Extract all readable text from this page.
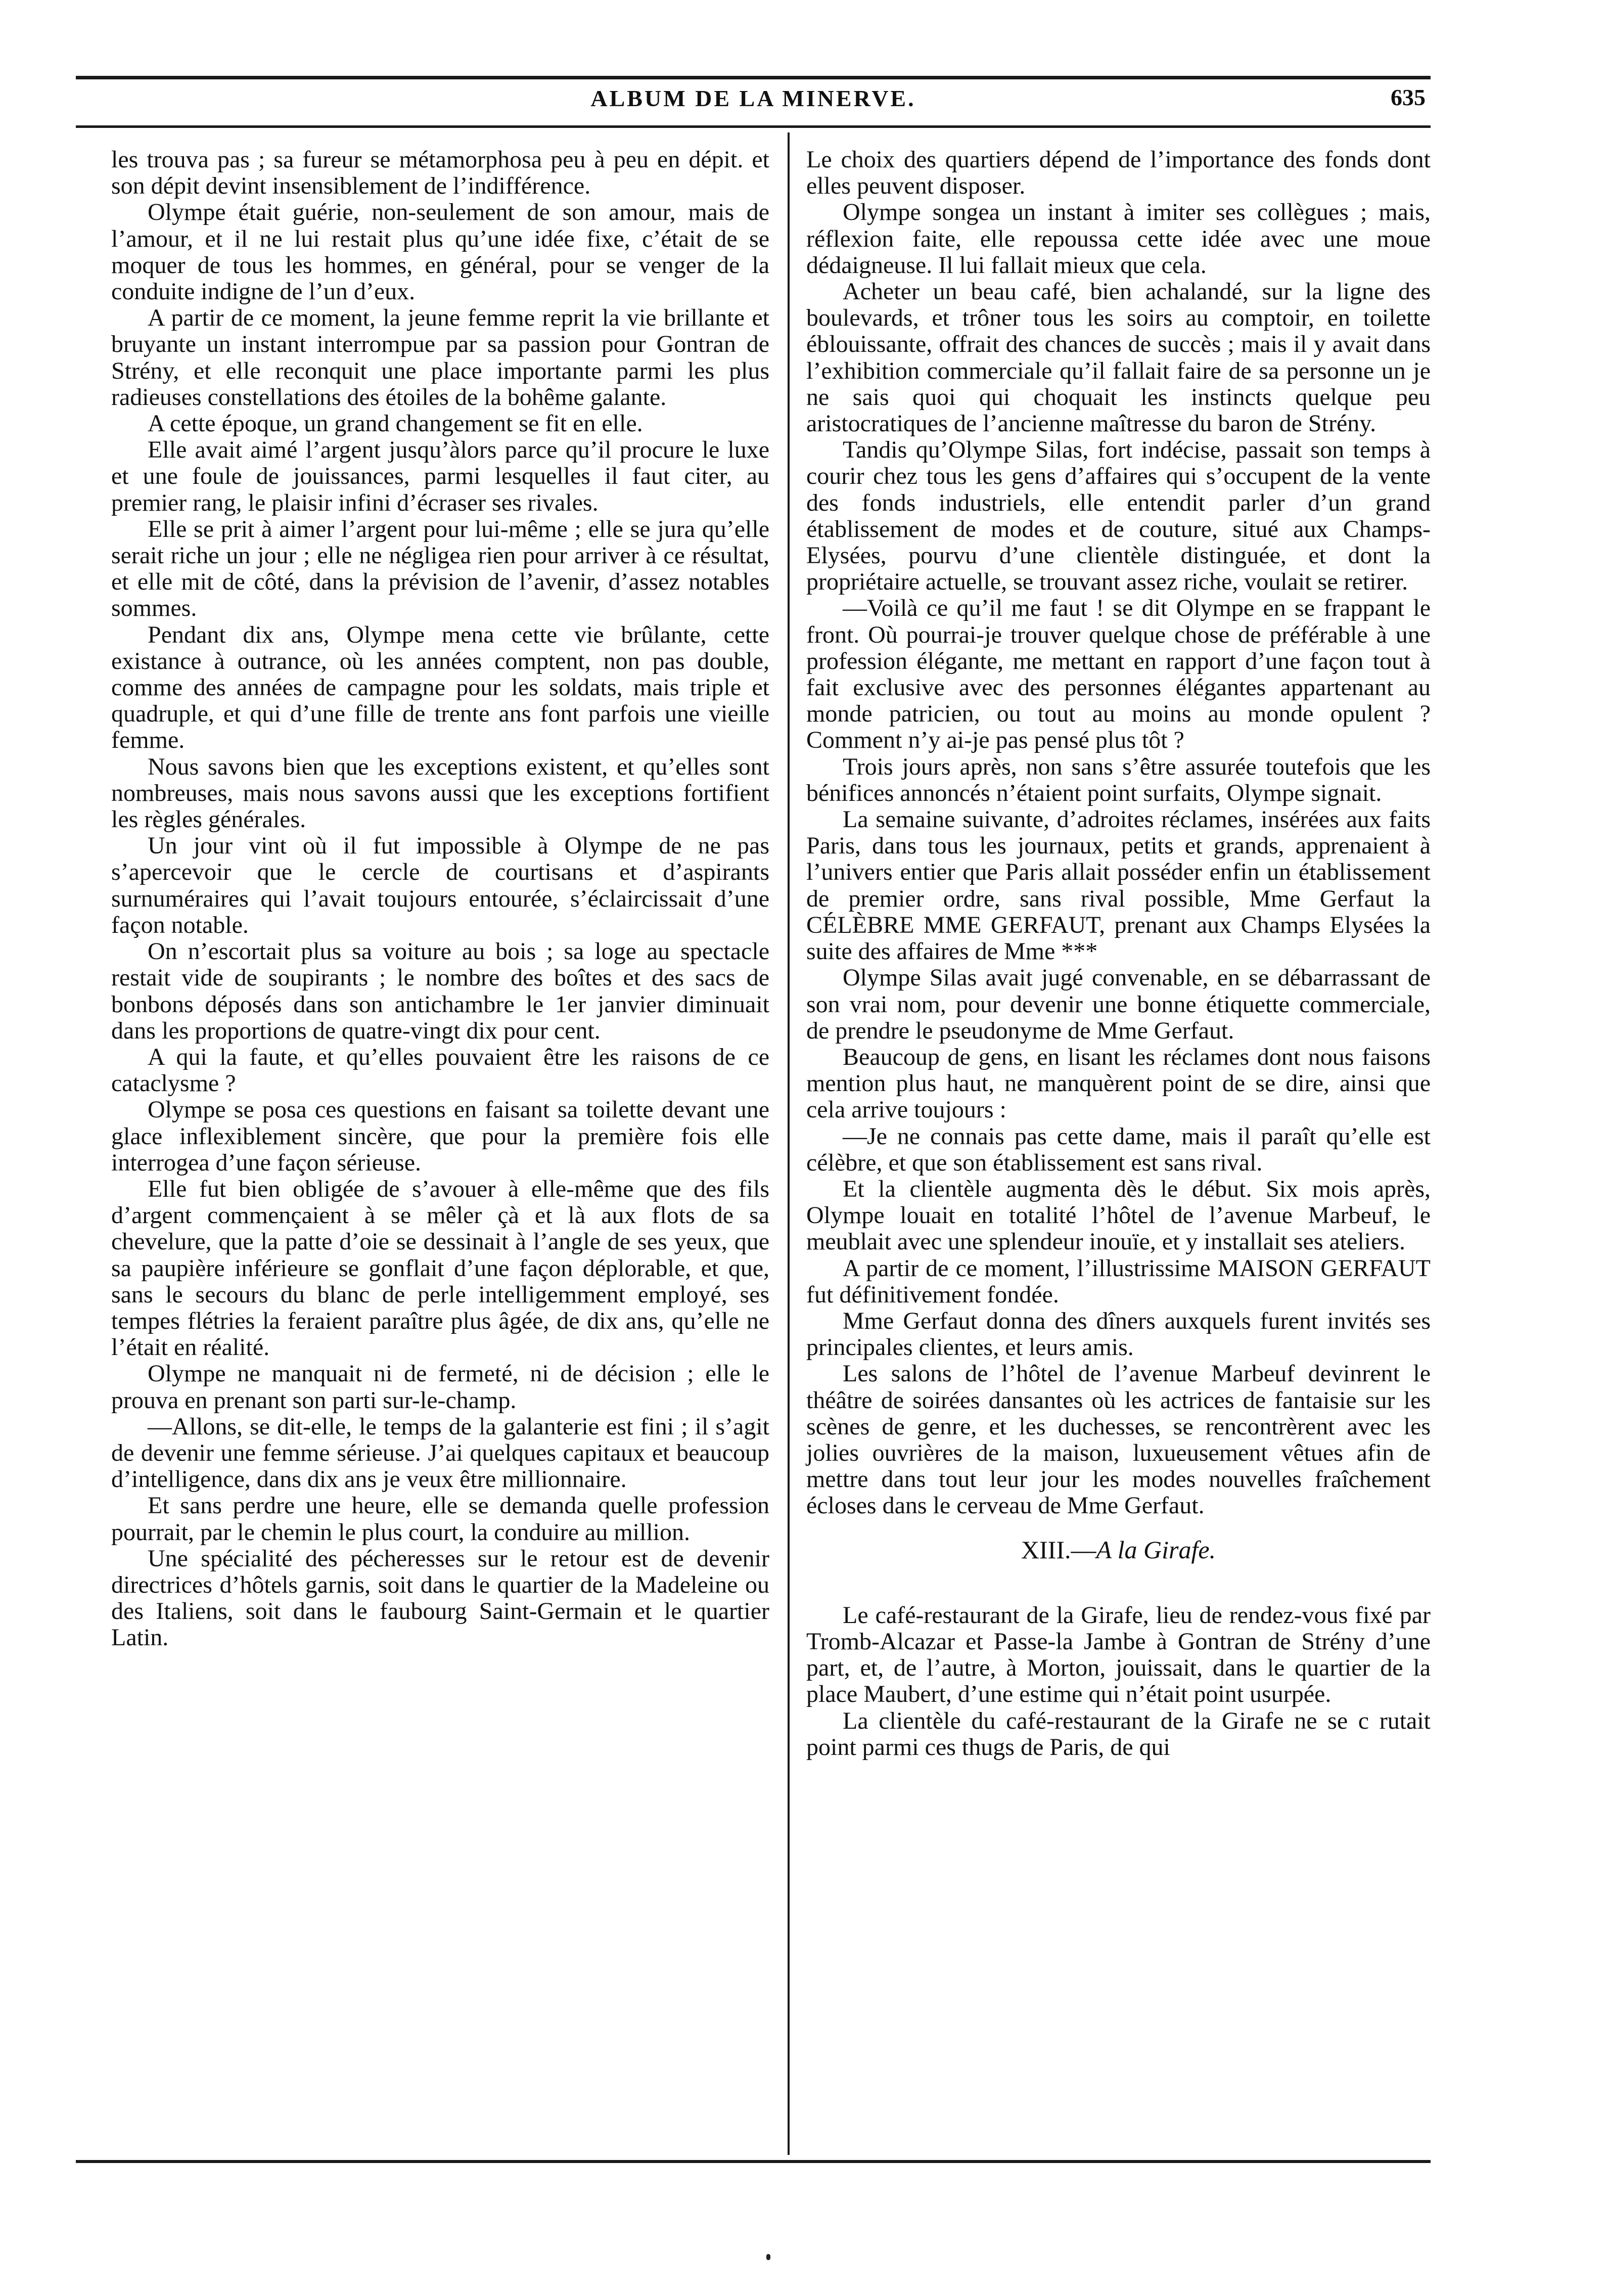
ALBUM DE LA MINERVE.	635

les trouva pas ; sa fureur se métamorphosa peu à peu en dépit. et son dépit devint insensiblement de l’indifférence.

Olympe était guérie, non-seulement de son amour, mais de l’amour, et il ne lui restait plus qu’une idée fixe, c’était de se moquer de tous les hommes, en général, pour se venger de la conduite indigne de l’un d’eux.

A partir de ce moment, la jeune femme reprit la vie brillante et bruyante un instant interrompue par sa passion pour Gontran de Strény, et elle reconquit une place importante parmi les plus radieuses constellations des étoiles de la bohême galante.

A cette époque, un grand changement se fit en elle.

Elle avait aimé l’argent jusqu’àlors parce qu’il procure le luxe et une foule de jouissances, parmi lesquelles il faut citer, au premier rang, le plaisir infini d’écraser ses rivales.

Elle se prit à aimer l’argent pour lui-même ; elle se jura qu’elle serait riche un jour ; elle ne négligea rien pour arriver à ce résultat, et elle mit de côté, dans la prévision de l’avenir, d’assez notables sommes.

Pendant dix ans, Olympe mena cette vie brûlante, cette existance à outrance, où les années comptent, non pas double, comme des années de campagne pour les soldats, mais triple et quadruple, et qui d’une fille de trente ans font parfois une vieille femme.

Nous savons bien que les exceptions existent, et qu’elles sont nombreuses, mais nous savons aussi que les exceptions fortifient les règles générales.

Un jour vint où il fut impossible à Olympe de ne pas s’apercevoir que le cercle de courtisans et d’aspirants surnuméraires qui l’avait toujours entourée, s’éclaircissait d’une façon notable.

On n’escortait plus sa voiture au bois ; sa loge au spectacle restait vide de soupirants ; le nombre des boîtes et des sacs de bonbons déposés dans son antichambre le 1er janvier diminuait dans les proportions de quatre-vingt dix pour cent.

A qui la faute, et qu’elles pouvaient être les raisons de ce cataclysme ?

Olympe se posa ces questions en faisant sa toilette devant une glace inflexiblement sincère, que pour la première fois elle interrogea d’une façon sérieuse.

Elle fut bien obligée de s’avouer à elle-même que des fils d’argent commençaient à se mêler çà et là aux flots de sa chevelure, que la patte d’oie se dessinait à l’angle de ses yeux, que sa paupière inférieure se gonflait d’une façon déplorable, et que, sans le secours du blanc de perle intelligemment employé, ses tempes flétries la feraient paraître plus âgée, de dix ans, qu’elle ne l’était en réalité.

Olympe ne manquait ni de fermeté, ni de décision ; elle le prouva en prenant son parti sur-le-champ.

—Allons, se dit-elle, le temps de la galanterie est fini ; il s’agit de devenir une femme sérieuse. J’ai quelques capitaux et beaucoup d’intelligence, dans dix ans je veux être millionnaire.

Et sans perdre une heure, elle se demanda quelle profession pourrait, par le chemin le plus court, la conduire au million.

Une spécialité des pécheresses sur le retour est de devenir directrices d’hôtels garnis, soit dans le quartier de la Madeleine ou des Italiens, soit dans le faubourg Saint-Germain et le quartier Latin.

Le choix des quartiers dépend de l’importance des fonds dont elles peuvent disposer.

Olympe songea un instant à imiter ses collègues ; mais, réflexion faite, elle repoussa cette idée avec une moue dédaigneuse. Il lui fallait mieux que cela.

Acheter un beau café, bien achalandé, sur la ligne des boulevards, et trôner tous les soirs au comptoir, en toilette éblouissante, offrait des chances de succès ; mais il y avait dans l’exhibition commerciale qu’il fallait faire de sa personne un je ne sais quoi qui choquait les instincts quelque peu aristocratiques de l’ancienne maîtresse du baron de Strény.

Tandis qu’Olympe Silas, fort indécise, passait son temps à courir chez tous les gens d’affaires qui s’occupent de la vente des fonds industriels, elle entendit parler d’un grand établissement de modes et de couture, situé aux Champs-Elysées, pourvu d’une clientèle distinguée, et dont la propriétaire actuelle, se trouvant assez riche, voulait se retirer.

—Voilà ce qu’il me faut ! se dit Olympe en se frappant le front. Où pourrai-je trouver quelque chose de préférable à une profession élégante, me mettant en rapport d’une façon tout à fait exclusive avec des personnes élégantes appartenant au monde patricien, ou tout au moins au monde opulent ? Comment n’y ai-je pas pensé plus tôt ?

Trois jours après, non sans s’être assurée toutefois que les bénifices annoncés n’étaient point surfaits, Olympe signait.

La semaine suivante, d’adroites réclames, insérées aux faits Paris, dans tous les journaux, petits et grands, apprenaient à l’univers entier que Paris allait posséder enfin un établissement de premier ordre, sans rival possible, Mme Gerfaut la CÉLÈBRE MME GERFAUT, prenant aux Champs Elysées la suite des affaires de Mme ***

Olympe Silas avait jugé convenable, en se débarrassant de son vrai nom, pour devenir une bonne étiquette commerciale, de prendre le pseudonyme de Mme Gerfaut.

Beaucoup de gens, en lisant les réclames dont nous faisons mention plus haut, ne manquèrent point de se dire, ainsi que cela arrive toujours :

—Je ne connais pas cette dame, mais il paraît qu’elle est célèbre, et que son établissement est sans rival.

Et la clientèle augmenta dès le début. Six mois après, Olympe louait en totalité l’hôtel de l’avenue Marbeuf, le meublait avec une splendeur inouïe, et y installait ses ateliers.

A partir de ce moment, l’illustrissime MAISON GERFAUT fut définitivement fondée.

Mme Gerfaut donna des dîners auxquels furent invités ses principales clientes, et leurs amis.

Les salons de l’hôtel de l’avenue Marbeuf devinrent le théâtre de soirées dansantes où les actrices de fantaisie sur les scènes de genre, et les duchesses, se rencontrèrent avec les jolies ouvrières de la maison, luxueusement vêtues afin de mettre dans tout leur jour les modes nouvelles fraîchement écloses dans le cerveau de Mme Gerfaut.

XIII.—A la Girafe.

Le café-restaurant de la Girafe, lieu de rendez-vous fixé par Tromb-Alcazar et Passe-la Jambe à Gontran de Strény d’une part, et, de l’autre, à Morton, jouissait, dans le quartier de la place Maubert, d’une estime qui n’était point usurpée.

La clientèle du café-restaurant de la Girafe ne se c rutait point parmi ces thugs de Paris, de qui
